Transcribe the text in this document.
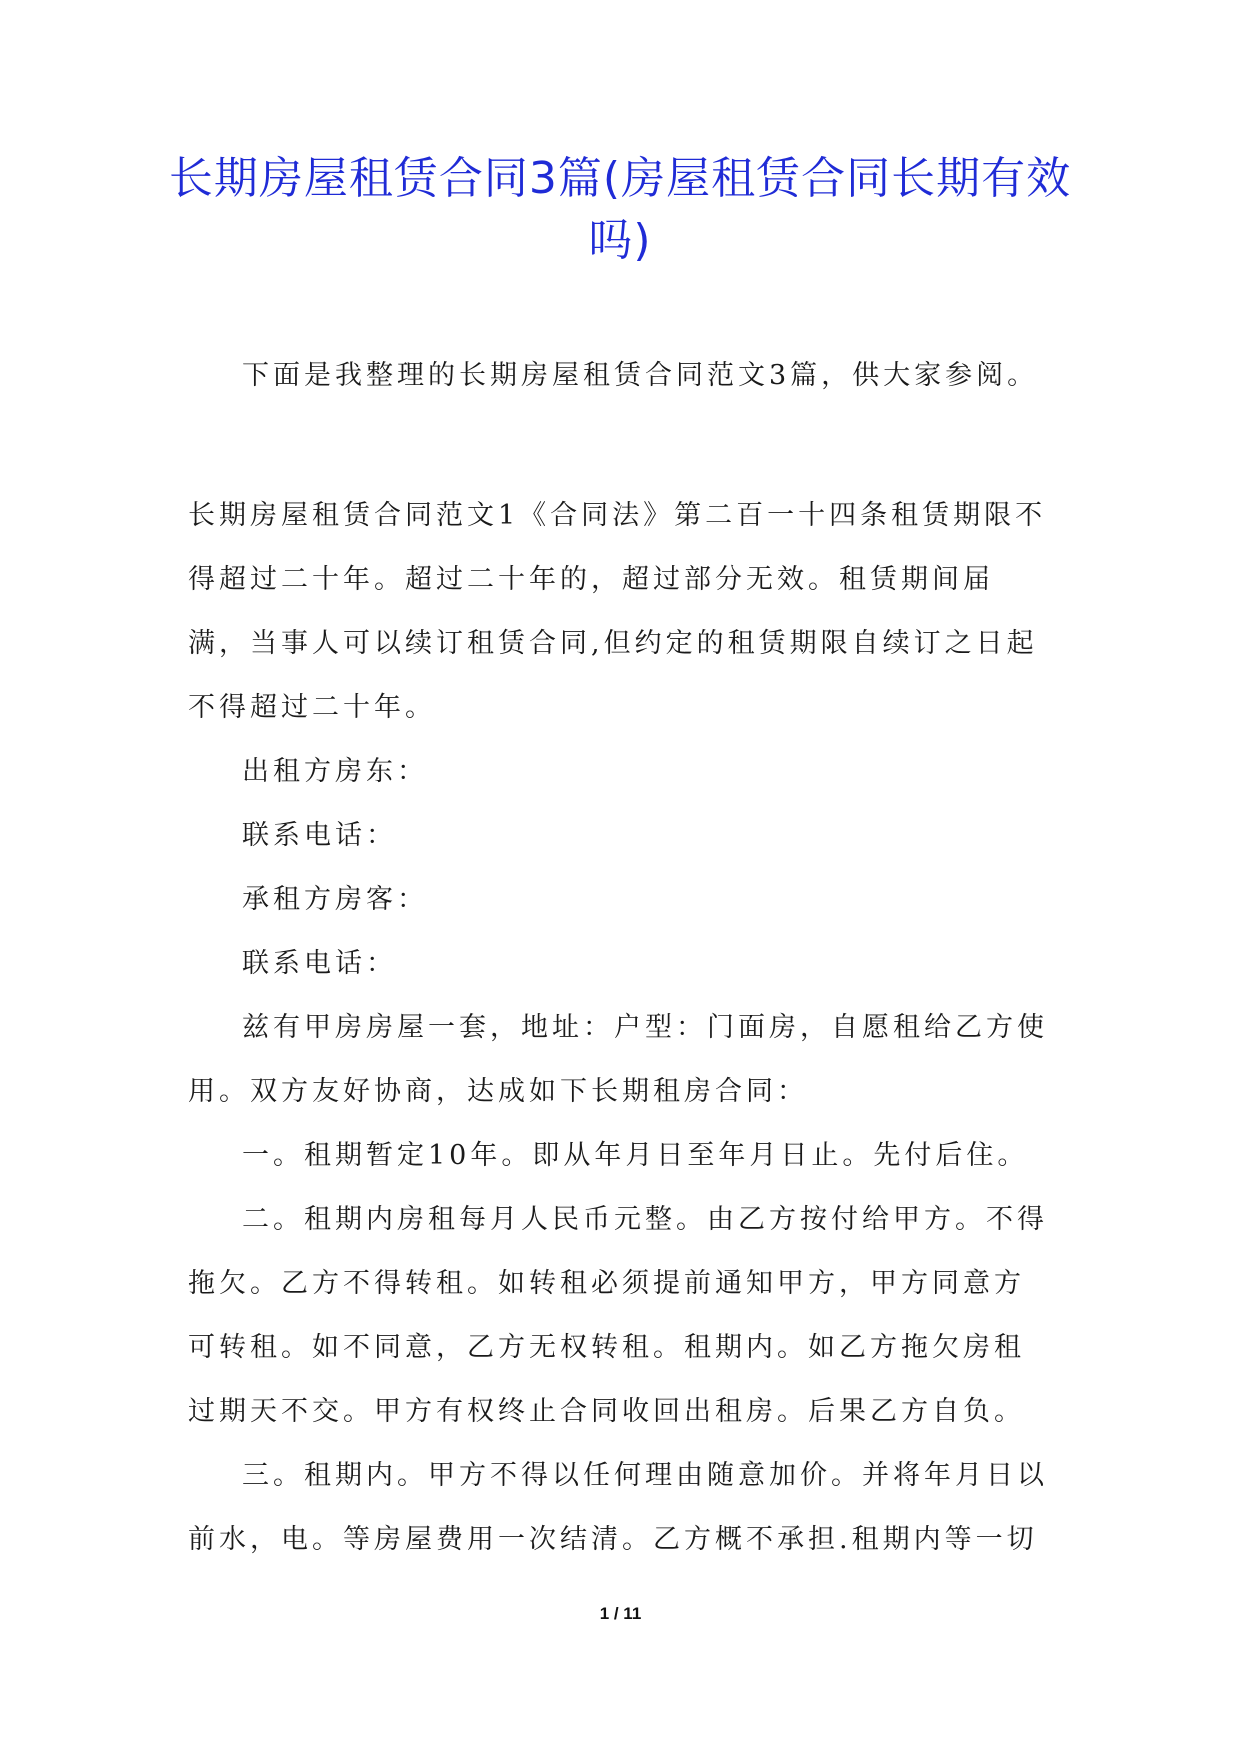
长期房屋租赁合同3篇(房屋租赁合同长期有效吗)
下面是我整理的长期房屋租赁合同范文3篇，供大家参阅。

长期房屋租赁合同范文1《合同法》第二百一十四条租赁期限不得超过二十年。超过二十年的，超过部分无效。租赁期间届满，当事人可以续订租赁合同,但约定的租赁期限自续订之日起不得超过二十年。

出租方房东：

联系电话：

承租方房客：

联系电话：

兹有甲房房屋一套，地址：户型：门面房，自愿租给乙方使用。双方友好协商，达成如下长期租房合同：

一。租期暂定10年。即从年月日至年月日止。先付后住。

二。租期内房租每月人民币元整。由乙方按付给甲方。不得拖欠。乙方不得转租。如转租必须提前通知甲方，甲方同意方可转租。如不同意，乙方无权转租。租期内。如乙方拖欠房租过期天不交。甲方有权终止合同收回出租房。后果乙方自负。

三。租期内。甲方不得以任何理由随意加价。并将年月日以前水，电。等房屋费用一次结清。乙方概不承担.租期内等一切

1 / 11
